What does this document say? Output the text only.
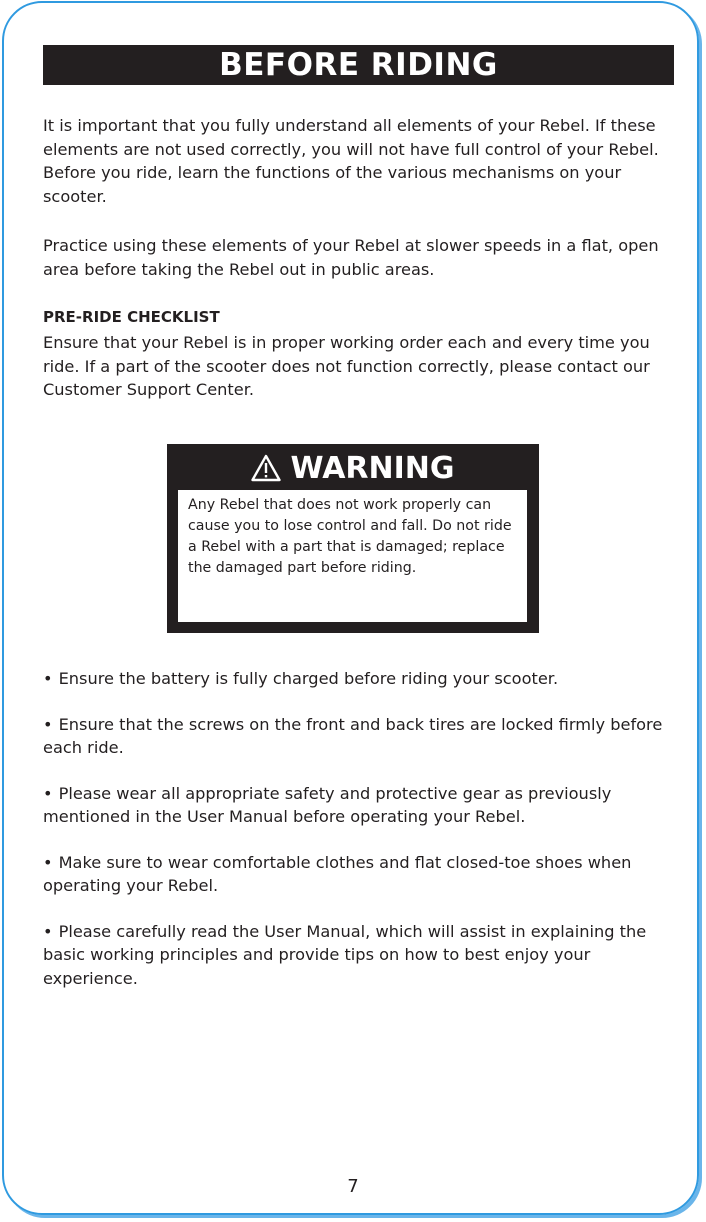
BEFORE RIDING

It is important that you fully understand all elements of your Rebel. If these elements are not used correctly, you will not have full control of your Rebel. Before you ride, learn the functions of the various mechanisms on your scooter.

Practice using these elements of your Rebel at slower speeds in a flat, open area before taking the Rebel out in public areas.

PRE-RIDE CHECKLIST

Ensure that your Rebel is in proper working order each and every time you ride. If a part of the scooter does not function correctly, please contact our Customer Support Center.

WARNING
Any Rebel that does not work properly can cause you to lose control and fall. Do not ride a Rebel with a part that is damaged; replace the damaged part before riding.
• Ensure the battery is fully charged before riding your scooter.
• Ensure that the screws on the front and back tires are locked firmly before each ride.
• Please wear all appropriate safety and protective gear as previously mentioned in the User Manual before operating your Rebel.
• Make sure to wear comfortable clothes and flat closed-toe shoes when operating your Rebel.
• Please carefully read the User Manual, which will assist in explaining the basic working principles and provide tips on how to best enjoy your experience.
7
